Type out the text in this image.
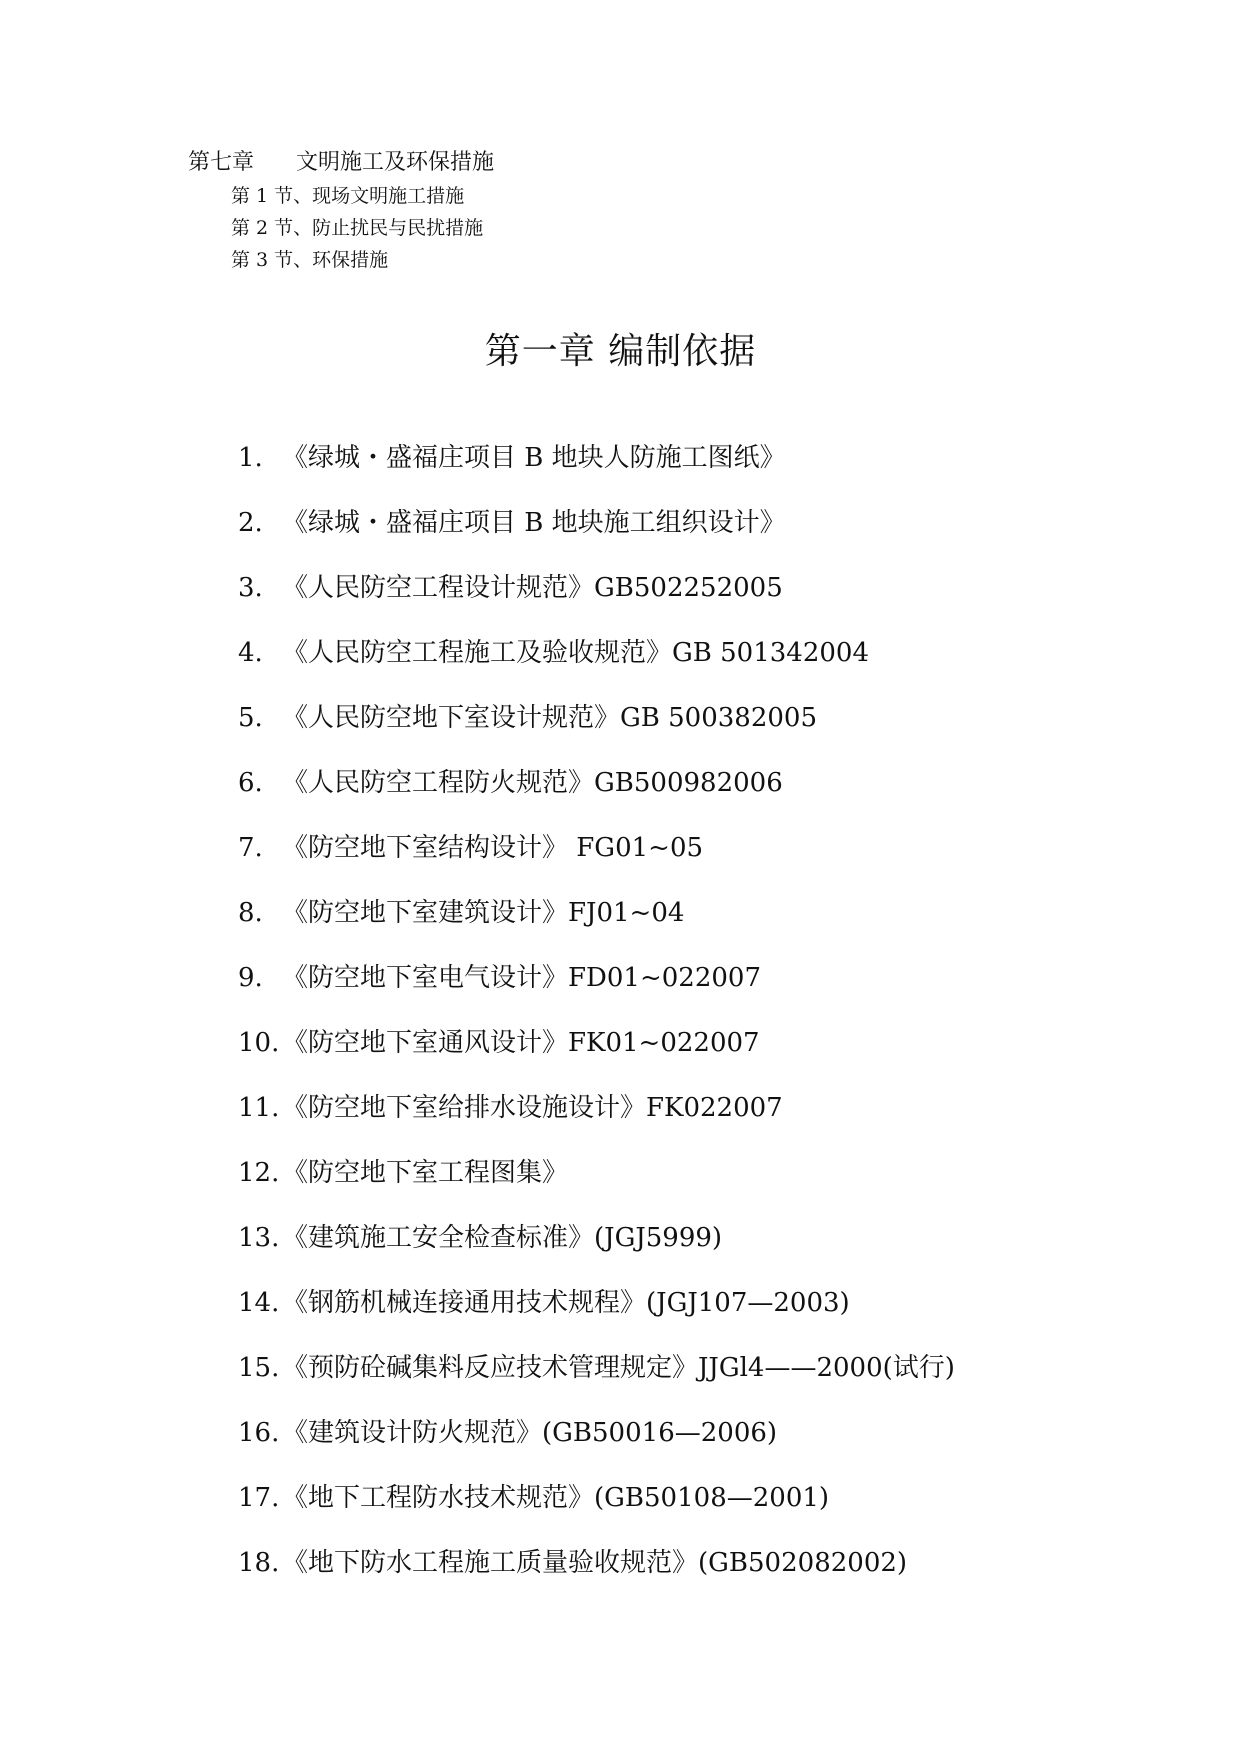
第七章 文明施工及环保措施
第 1 节、现场文明施工措施
第 2 节、防止扰民与民扰措施
第 3 节、环保措施
第一章 编制依据
1. 《绿城・盛福庄项目 B 地块人防施工图纸》
2. 《绿城・盛福庄项目 B 地块施工组织设计》
3. 《人民防空工程设计规范》GB502252005
4. 《人民防空工程施工及验收规范》GB 501342004
5. 《人民防空地下室设计规范》GB 500382005
6. 《人民防空工程防火规范》GB500982006
7. 《防空地下室结构设计》 FG01~05
8. 《防空地下室建筑设计》FJ01~04
9. 《防空地下室电气设计》FD01~022007
10. 《防空地下室通风设计》FK01~022007
11. 《防空地下室给排水设施设计》FK022007
12. 《防空地下室工程图集》
13. 《建筑施工安全检查标准》(JGJ5999)
14. 《钢筋机械连接通用技术规程》(JGJ107—2003)
15. 《预防砼碱集料反应技术管理规定》JJGl4——2000(试行)
16. 《建筑设计防火规范》(GB50016—2006)
17. 《地下工程防水技术规范》(GB50108—2001)
18. 《地下防水工程施工质量验收规范》(GB502082002)
